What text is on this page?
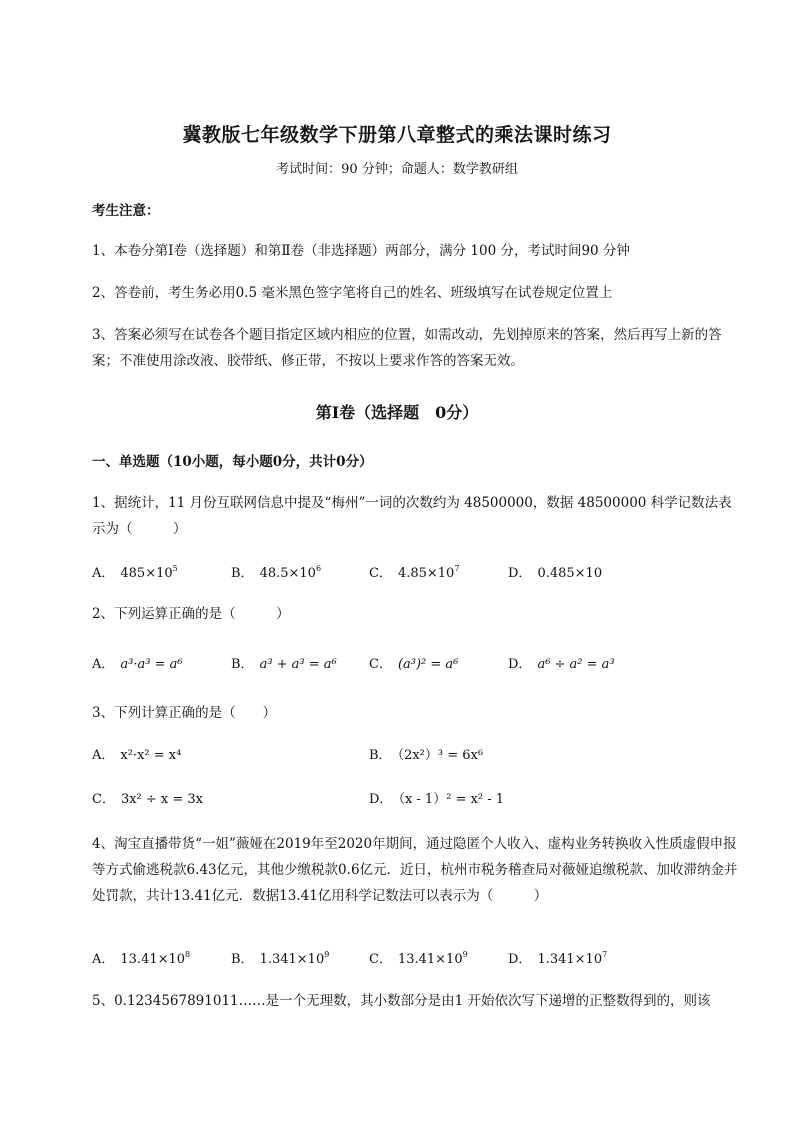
冀教版七年级数学下册第八章整式的乘法课时练习
考试时间：90 分钟；命题人：数学教研组
考生注意：
1、本卷分第Ⅰ卷（选择题）和第Ⅱ卷（非选择题）两部分，满分 100 分，考试时间90 分钟
2、答卷前，考生务必用0.5 毫米黑色签字笔将自己的姓名、班级填写在试卷规定位置上
3、答案必须写在试卷各个题目指定区域内相应的位置，如需改动，先划掉原来的答案，然后再写上新的答案；不准使用涂改液、胶带纸、修正带，不按以上要求作答的答案无效。
第Ⅰ卷（选择题　0分）
一、单选题（10小题，每小题0分，共计0分）
1、据统计，11 月份互联网信息中提及“梅州”一词的次数约为 48500000，数据 48500000 科学记数法表示为（　　　）
A． $485\times 10^5$	B． $48.5\times 10^6$	C． $4.85\times 10^7$	D． 0.485×10
2、下列运算正确的是（　　　）
A． a³·a³ = a⁶	B． a³ + a³ = a⁶ C． (a³)² = a⁶	D． a⁶ ÷ a² = a³
3、下列计算正确的是（　　）
A． x²·x² = x⁴	B． （2x²）³ = 6x⁶
C． 3x² ÷ x = 3x	D． （x - 1）² = x² - 1
4、淘宝直播带货“一姐”薇娅在2019年至2020年期间，通过隐匿个人收入、虚构业务转换收入性质虚假申报等方式偷逃税款6.43亿元，其他少缴税款0.6亿元．近日，杭州市税务稽查局对薇娅追缴税款、加收滞纳金并处罚款，共计13.41亿元．数据13.41亿用科学记数法可以表示为（　　　）
A． $13.41\times 10^8$	B． $1.341\times 10^9$	C． $13.41\times 10^9$	D． $1.341\times 10^7$
5、0.1234567891011……是一个无理数，其小数部分是由1 开始依次写下递增的正整数得到的，则该
